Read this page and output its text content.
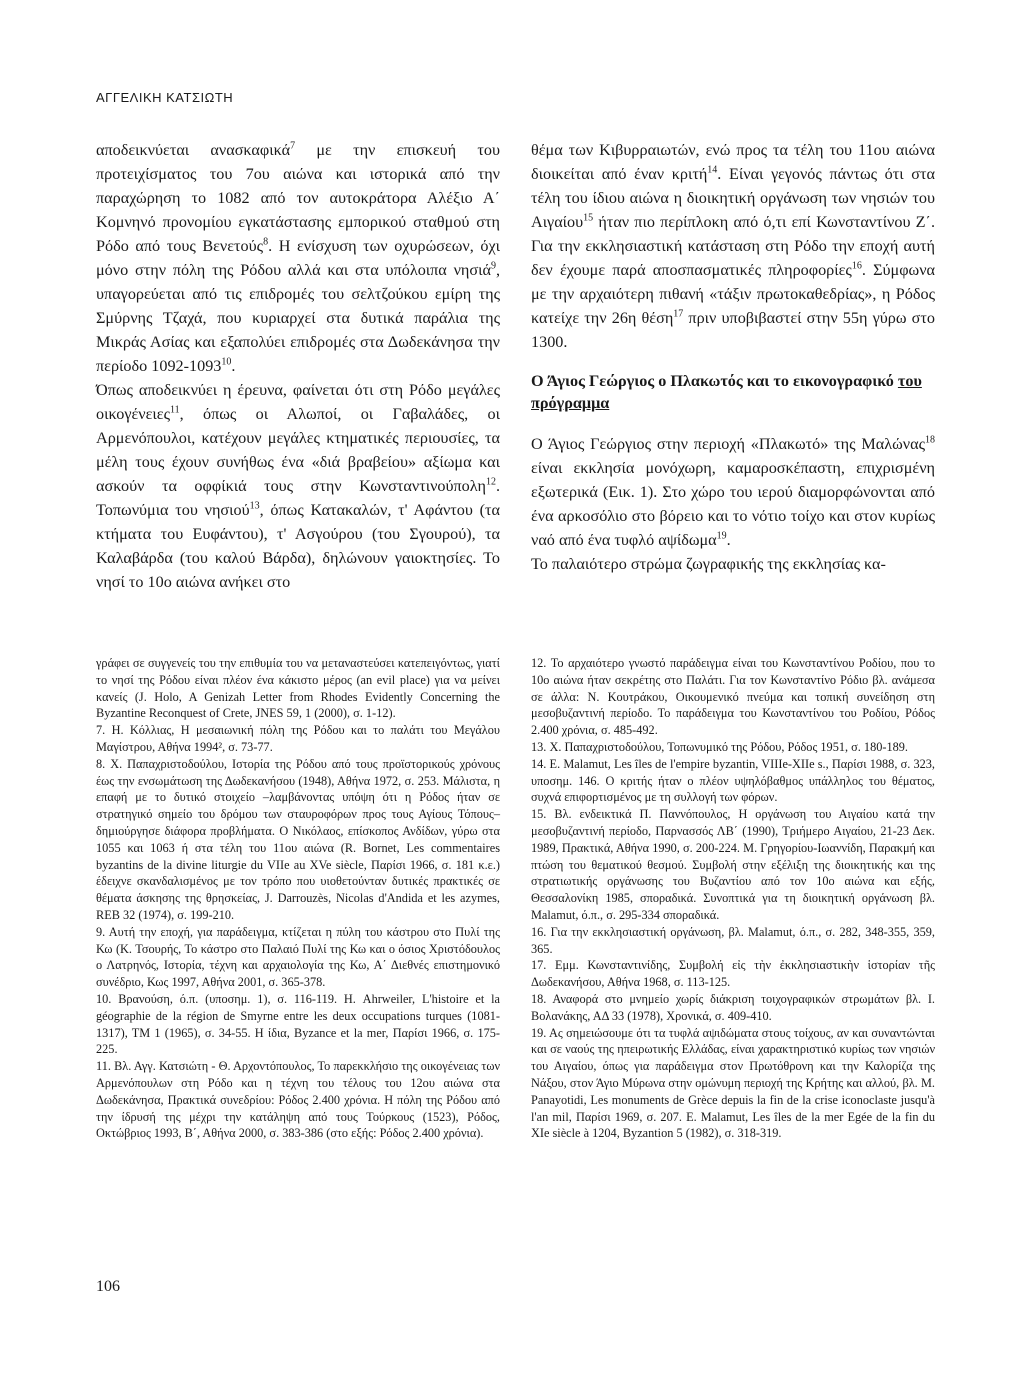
ΑΓΓΕΛΙΚΗ ΚΑΤΣΙΩΤΗ

αποδεικνύεται ανασκαφικά$^7$ με την επισκευή του προτειχίσματος του 7ου αιώνα και ιστορικά από την παραχώρηση το 1082 από τον αυτοκράτορα Αλέξιο Α΄ Κομνηνό προνομίου εγκατάστασης εμπορικού σταθμού στη Ρόδο από τους Βενετούς$^8$. Η ενίσχυση των οχυρώσεων, όχι μόνο στην πόλη της Ρόδου αλλά και στα υπόλοιπα νησιά$^9$, υπαγορεύεται από τις επιδρομές του σελτζούκου εμίρη της Σμύρνης Τζαχά, που κυριαρχεί στα δυτικά παράλια της Μικράς Ασίας και εξαπολύει επιδρομές στα Δωδεκάνησα την περίοδο 1092-1093$^{10}$.

Όπως αποδεικνύει η έρευνα, φαίνεται ότι στη Ρόδο μεγάλες οικογένειες$^{11}$, όπως οι Αλωποί, οι Γαβαλάδες, οι Αρμενόπουλοι, κατέχουν μεγάλες κτηματικές περιουσίες, τα μέλη τους έχουν συνήθως ένα «διά βραβείου» αξίωμα και ασκούν τα οφφίκιά τους στην Κωνσταντινούπολη$^{12}$. Τοπωνύμια του νησιού$^{13}$, όπως Κατακαλών, τ' Αφάντου (τα κτήματα του Ευφάντου), τ' Ασγούρου (του Σγουρού), τα Καλαβάρδα (του καλού Βάρδα), δηλώνουν γαιοκτησίες. Το νησί το 10ο αιώνα ανήκει στο

θέμα των Κιβυρραιωτών, ενώ προς τα τέλη του 11ου αιώνα διοικείται από έναν κριτή$^{14}$. Είναι γεγονός πάντως ότι στα τέλη του ίδιου αιώνα η διοικητική οργάνωση των νησιών του Αιγαίου$^{15}$ ήταν πιο περίπλοκη από ό,τι επί Κωνσταντίνου Ζ΄. Για την εκκλησιαστική κατάσταση στη Ρόδο την εποχή αυτή δεν έχουμε παρά αποσπασματικές πληροφορίες$^{16}$. Σύμφωνα με την αρχαιότερη πιθανή «τάξιν πρωτοκαθεδρίας», η Ρόδος κατείχε την 26η θέση$^{17}$ πριν υποβιβαστεί στην 55η γύρω στο 1300.

Ο Άγιος Γεώργιος ο Πλακωτός και το εικονογραφικό του πρόγραμμα

Ο Άγιος Γεώργιος στην περιοχή «Πλακωτό» της Μαλώνας$^{18}$ είναι εκκλησία μονόχωρη, καμαροσκέπαστη, επιχρισμένη εξωτερικά (Εικ. 1). Στο χώρο του ιερού διαμορφώνονται από ένα αρκοσόλιο στο βόρειο και το νότιο τοίχο και στον κυρίως ναό από ένα τυφλό αψίδωμα$^{19}$.

Το παλαιότερο στρώμα ζωγραφικής της εκκλησίας κα-

γράφει σε συγγενείς του την επιθυμία του να μεταναστεύσει κατεπειγόντως, γιατί το νησί της Ρόδου είναι πλέον ένα κάκιστο μέρος (an evil place) για να μείνει κανείς (J. Holo, A Genizah Letter from Rhodes Evidently Concerning the Byzantine Reconquest of Crete, JNES 59, 1 (2000), σ. 1-12).

7. Η. Κόλλιας, Η μεσαιωνική πόλη της Ρόδου και το παλάτι του Μεγάλου Μαγίστρου, Αθήνα 1994², σ. 73-77.

8. Χ. Παπαχριστοδούλου, Ιστορία της Ρόδου από τους προϊστορικούς χρόνους έως την ενσωμάτωση της Δωδεκανήσου (1948), Αθήνα 1972, σ. 253. Μάλιστα, η επαφή με το δυτικό στοιχείο –λαμβάνοντας υπόψη ότι η Ρόδος ήταν σε στρατηγικό σημείο του δρόμου των σταυροφόρων προς τους Αγίους Τόπους– δημιούργησε διάφορα προβλήματα. Ο Νικόλαος, επίσκοπος Ανδίδων, γύρω στα 1055 και 1063 ή στα τέλη του 11ου αιώνα (R. Bornet, Les commentaires byzantins de la divine liturgie du VIIe au XVe siècle, Παρίσι 1966, σ. 181 κ.ε.) έδειχνε σκανδαλισμένος με τον τρόπο που υιοθετούνταν δυτικές πρακτικές σε θέματα άσκησης της θρησκείας, J. Darrouzès, Nicolas d'Andida et les azymes, REB 32 (1974), σ. 199-210.

9. Αυτή την εποχή, για παράδειγμα, κτίζεται η πύλη του κάστρου στο Πυλί της Κω (Κ. Τσουρής, Το κάστρο στο Παλαιό Πυλί της Κω και ο όσιος Χριστόδουλος ο Λατρηνός, Ιστορία, τέχνη και αρχαιολογία της Κω, Α΄ Διεθνές επιστημονικό συνέδριο, Κως 1997, Αθήνα 2001, σ. 365-378.

10. Βρανούση, ό.π. (υποσημ. 1), σ. 116-119. Η. Ahrweiler, L'histoire et la géographie de la région de Smyrne entre les deux occupations turques (1081-1317), TM 1 (1965), σ. 34-55. Η ίδια, Byzance et la mer, Παρίσι 1966, σ. 175-225.

11. Βλ. Αγγ. Κατσιώτη - Θ. Αρχοντόπουλος, Το παρεκκλήσιο της οικογένειας των Αρμενόπουλων στη Ρόδο και η τέχνη του τέλους του 12ου αιώνα στα Δωδεκάνησα, Πρακτικά συνεδρίου: Ρόδος 2.400 χρόνια. Η πόλη της Ρόδου από την ίδρυσή της μέχρι την κατάληψη από τους Τούρκους (1523), Ρόδος, Οκτώβριος 1993, Β΄, Αθήνα 2000, σ. 383-386 (στο εξής: Ρόδος 2.400 χρόνια).

12. Το αρχαιότερο γνωστό παράδειγμα είναι του Κωνσταντίνου Ροδίου, που το 10ο αιώνα ήταν σεκρέτης στο Παλάτι. Για τον Κωνσταντίνο Ρόδιο βλ. ανάμεσα σε άλλα: Ν. Κουτράκου, Οικουμενικό πνεύμα και τοπική συνείδηση στη μεσοβυζαντινή περίοδο. Το παράδειγμα του Κωνσταντίνου του Ροδίου, Ρόδος 2.400 χρόνια, σ. 485-492.

13. Χ. Παπαχριστοδούλου, Τοπωνυμικό της Ρόδου, Ρόδος 1951, σ. 180-189.

14. E. Malamut, Les îles de l'empire byzantin, VIIIe-XIIe s., Παρίσι 1988, σ. 323, υποσημ. 146. Ο κριτής ήταν ο πλέον υψηλόβαθμος υπάλληλος του θέματος, συχνά επιφορτισμένος με τη συλλογή των φόρων.

15. Βλ. ενδεικτικά Π. Παννόπουλος, Η οργάνωση του Αιγαίου κατά την μεσοβυζαντινή περίοδο, Παρνασσός ΛΒ΄ (1990), Τριήμερο Αιγαίου, 21-23 Δεκ. 1989, Πρακτικά, Αθήνα 1990, σ. 200-224. Μ. Γρηγορίου-Ιωαννίδη, Παρακμή και πτώση του θεματικού θεσμού. Συμβολή στην εξέλιξη της διοικητικής και της στρατιωτικής οργάνωσης του Βυζαντίου από τον 10ο αιώνα και εξής, Θεσσαλονίκη 1985, σποραδικά. Συνοπτικά για τη διοικητική οργάνωση βλ. Malamut, ό.π., σ. 295-334 σποραδικά.

16. Για την εκκλησιαστική οργάνωση, βλ. Malamut, ό.π., σ. 282, 348-355, 359, 365.

17. Εμμ. Κωνσταντινίδης, Συμβολή εἰς τὴν ἐκκλησιαστικὴν ἱστορίαν τῆς Δωδεκανήσου, Αθήνα 1968, σ. 113-125.

18. Αναφορά στο μνημείο χωρίς διάκριση τοιχογραφικών στρωμάτων βλ. Ι. Βολανάκης, ΑΔ 33 (1978), Χρονικά, σ. 409-410.

19. Ας σημειώσουμε ότι τα τυφλά αψιδώματα στους τοίχους, αν και συναντώνται και σε ναούς της ηπειρωτικής Ελλάδας, είναι χαρακτηριστικό κυρίως των νησιών του Αιγαίου, όπως για παράδειγμα στον Πρωτόθρονη και την Καλορίζα της Νάξου, στον Άγιο Μύρωνα στην ομώνυμη περιοχή της Κρήτης και αλλού, βλ. M. Panayotidi, Les monuments de Grèce depuis la fin de la crise iconoclaste jusqu'à l'an mil, Παρίσι 1969, σ. 207. E. Malamut, Les îles de la mer Egée de la fin du XIe siècle à 1204, Byzantion 5 (1982), σ. 318-319.

106
